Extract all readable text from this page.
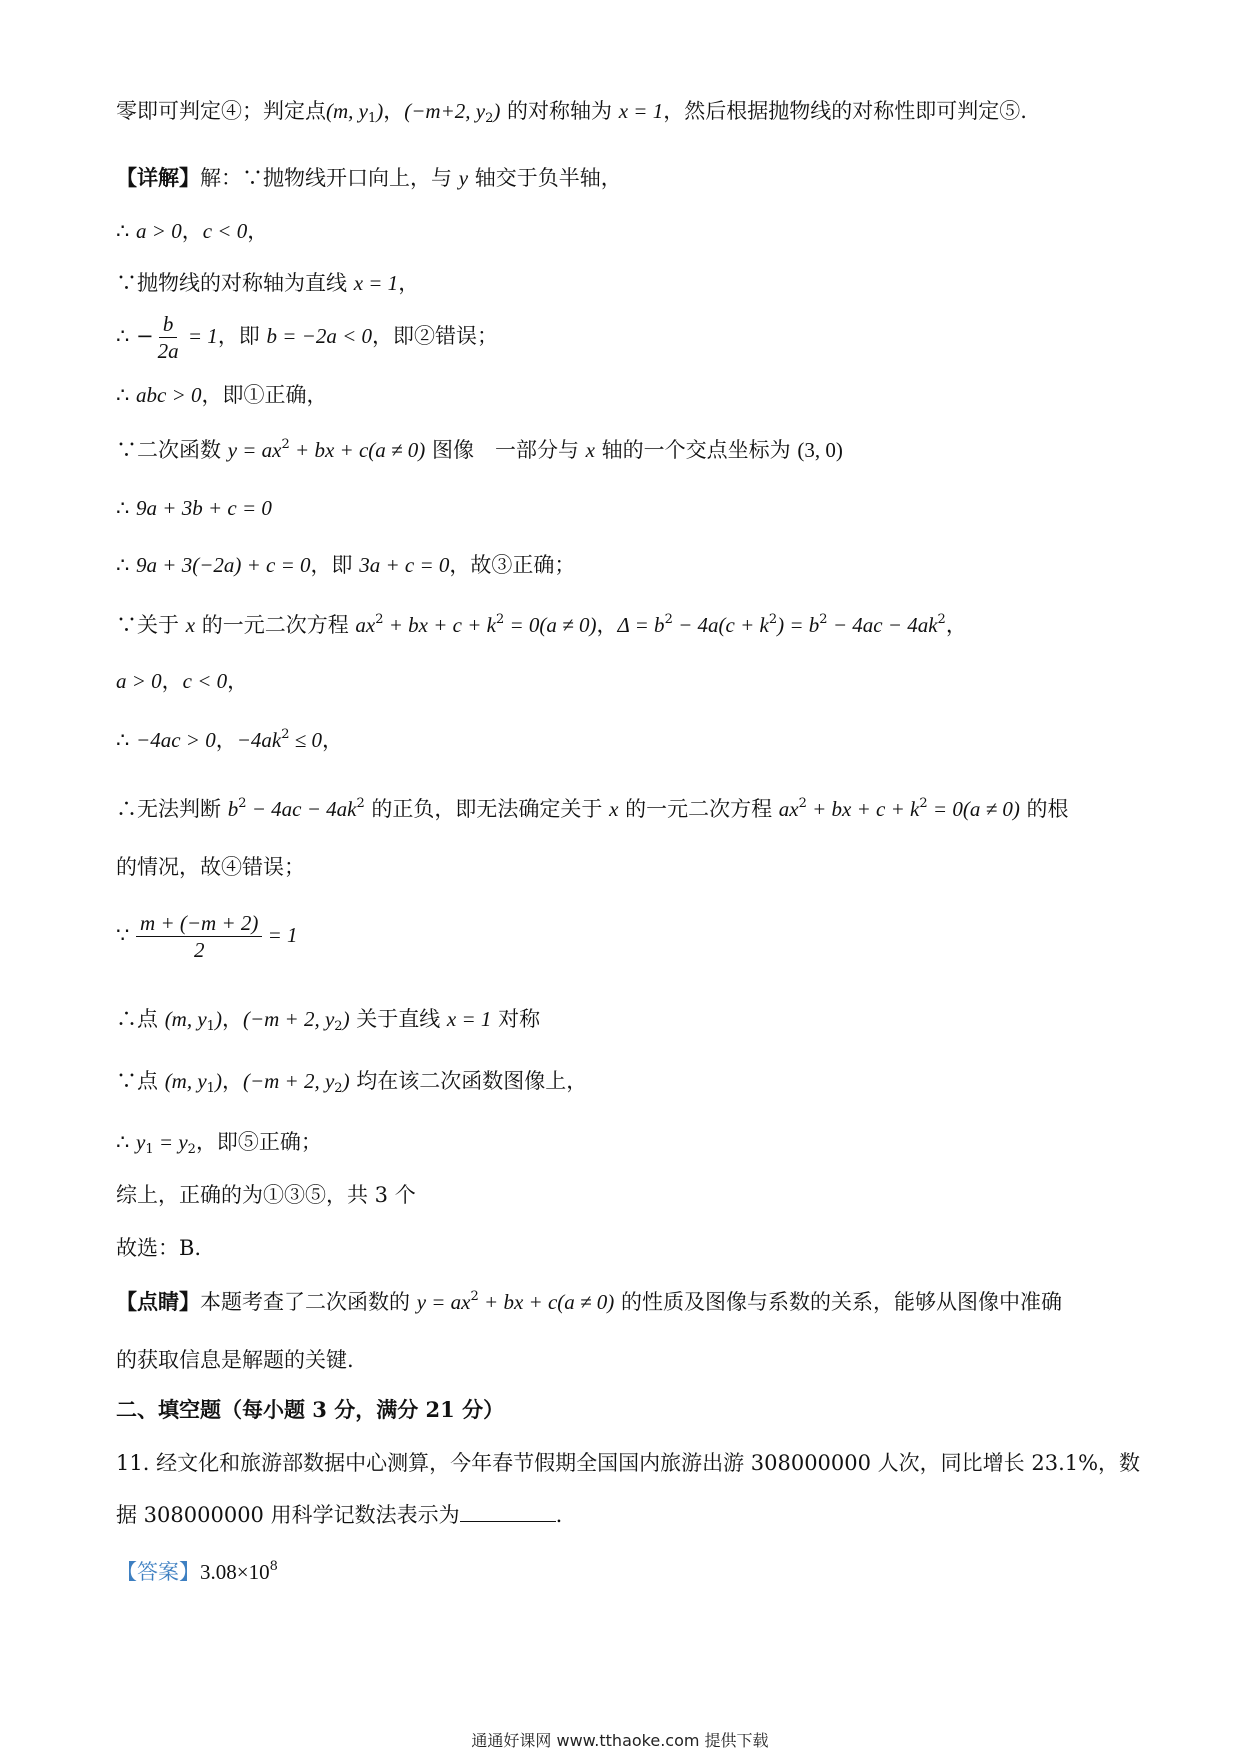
零即可判定④；判定点(m, $y_1$)，(−m+2, $y_2$) 的对称轴为 x = 1，然后根据抛物线的对称性即可判定⑤.
【详解】解：∵抛物线开口向上，与 y 轴交于负半轴，
∴ a > 0，c < 0，
∵抛物线的对称轴为直线 x = 1，
∴ − $\frac{b}{2a} = 1$，即 b = −2a < 0，即②错误；
∴ abc > 0，即①正确，
∵二次函数 $y = ax^2$ + bx + c(a ≠ 0) 图像　一部分与 x 轴的一个交点坐标为 (3, 0)
∴ 9a + 3b + c = 0
∴ 9a + 3(−2a) + c = 0，即 3a + c = 0，故③正确；
∵关于 x 的一元二次方程 $ax^2$ + bx + $c + k^2 = 0(a \ne 0)$，$\Delta = b^2 - 4a(c + k^2) = b^2 - 4ac - 4ak^2$，
a > 0，c < 0，
∴ −4ac > 0，$-4ak^2 \le 0$，
∴无法判断 $b^2 - 4ac - 4ak^2$ 的正负，即无法确定关于 x 的一元二次方程 $ax^2$ + bx + $c + k^2 = 0(a \ne 0)$ 的根
的情况，故④错误；
∵ $\frac{m + (-m + 2)}{2} = 1$
∴点 (m, $y_1$)，(−m + 2, $y_2$) 关于直线 x = 1 对称
∵点 (m, $y_1$)，(−m + 2, $y_2$) 均在该二次函数图像上，
∴ $y_1 = y_2$，即⑤正确；
综上，正确的为①③⑤，共 3 个
故选：B.
【点睛】本题考查了二次函数的 $y = ax^2$ + bx + c(a ≠ 0) 的性质及图像与系数的关系，能够从图像中准确
的获取信息是解题的关键.
二、填空题（每小题 3 分，满分 21 分）
11. 经文化和旅游部数据中心测算，今年春节假期全国国内旅游出游 308000000 人次，同比增长 23.1%，数
据 308000000 用科学记数法表示为	.
【答案】$3.08\times 10^8$
通通好课网 www.tthaoke.com 提供下载
